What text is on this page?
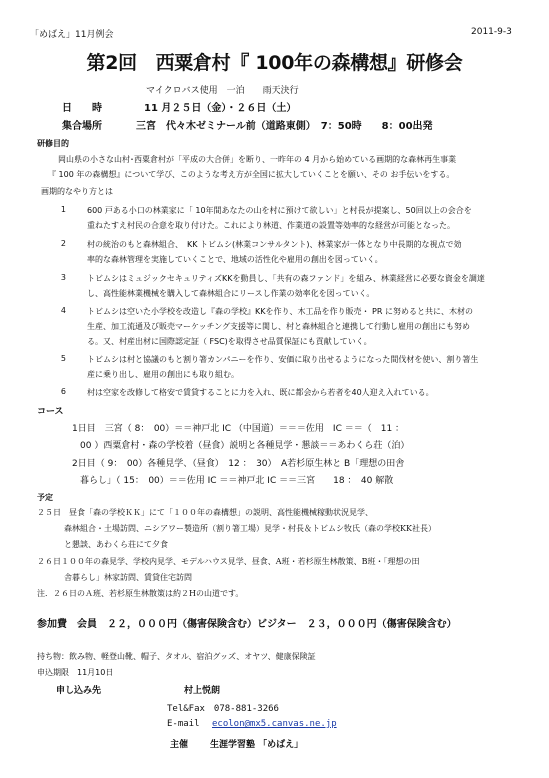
「めばえ」11月例会	2011-9-3
第2回　西粟倉村『 100年の森構想』研修会
マイクロバス使用　一泊　　雨天決行
日　　時	11 月２５日（金）・２６日（土）
集合場所	三宮　代々木ゼミナール前（道路東側）　7：50時　　8：00出発
研修目的
岡山県の小さな山村･西粟倉村が「平成の大合併」を断り、一昨年の 4 月から始めている画期的な森林再生事業
『 100 年の森構想』について学び、このような考え方が全国に拡大していくことを願い、その お手伝いをする。
画期的なやり方とは
1	600 戸ある小口の林業家に「 10年間あなたの山を村に預けて欲しい」と村長が提案し、50回以上の会合を
重ねたすえ村民の合意を取り付けた。これにより林道、作業道の設置等効率的な経営が可能となった。
2	村の統治のもと森林組合、　KK トビムシ(林業コンサルタント)、林業家が一体となり中長期的な視点で効
率的な森林管理を実施していくことで、地域の活性化や雇用の創出を図っていく。
3	トビムシはミュジックセキュリティズKKを動員し、「共有の森ファンド」を組み、林業経営に必要な資金を調達
し、高性能林業機械を購入して森林組合にリースし作業の効率化を図っていく。
4	トビムシは空いた小学校を改造し『森の学校』KKを作り、木工品を作り販売・ PR に努めると共に、木材の
生産、加工流通及び販売マーケッチング支援等に関し、村と森林組合と連携して行動し雇用の創出にも努め
る。又、村産出材に国際認定証（ FSC)を取得させ品質保証にも貢献していく。
5	トビムシは村と協議のもと割り箸カンパニーを作り、安価に取り出せるようになった間伐材を使い、割り箸生
産に乗り出し、雇用の創出にも取り組む。
6	村は空家を改修して格安で賃貸することに力を入れ、既に都会から若者を40人迎え入れている。
コース
1日目　三宮（ 8：　00）＝＝神戸北 IC （中国道）＝＝＝佐用　IC ＝＝（　11 ：
00 ）西粟倉村・森の学校着（昼食）説明と各種見学・懇談＝＝あわくら荘（泊）
2日目（ 9：　00）各種見学、（昼食）　12 ：　30）　A若杉原生林と B「理想の田舎
暮らし」（ 15：　00）＝＝佐用 IC ＝＝神戸北 IC ＝＝三宮　　18 ：　40 解散
予定
２５日　昼食「森の学校ＫＫ」にて「１００年の森構想」の説明、高性能機械稼動状況見学、
森林組合・土場訪問、ニシアワー製造所（割り箸工場）見学・村長＆トビムシ牧氏（森の学校KK社長）
と懇談、あわくら荘にて夕食
２６日１００年の森見学、学校内見学、モデルハウス見学、昼食、A班・若杉原生林散策、B班・「理想の田
舎暮らし」林家訪問、賃貸住宅訪問
注．２６日のＡ班、若杉原生林散策は約２Hの山道です。
参加費　会員　２２，０００円（傷害保険含む）ビジター　２３，０００円（傷害保険含む）
持ち物：飲み物、軽登山靴、帽子、タオル、宿泊グッズ、オヤツ、健康保険証
申込期限　11月10日
申し込み先	村上悦朗
Tel&Fax　078-881-3266
E-mail ecolon@mx5.canvas.ne.jp
主催 生涯学習塾 「めばえ」
